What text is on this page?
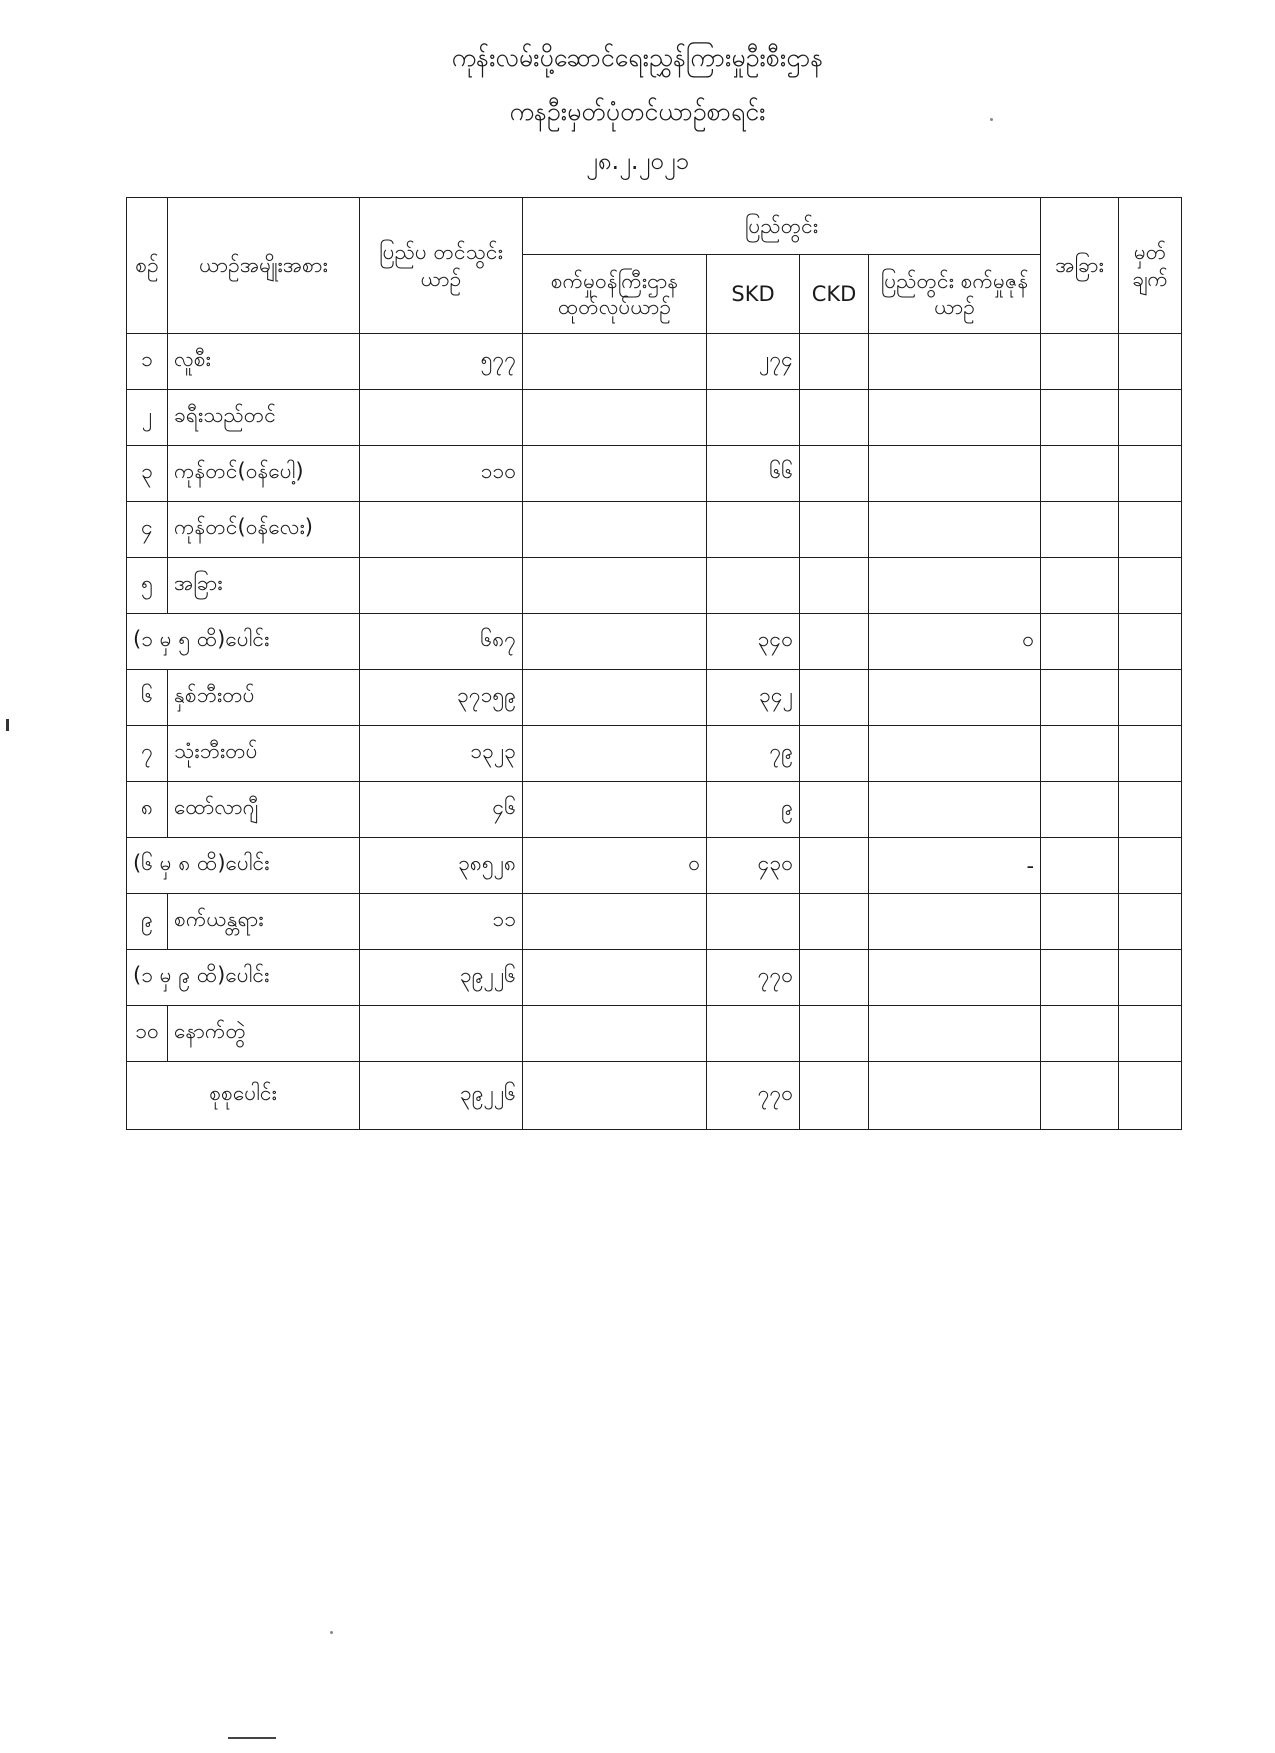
ကုန်းလမ်းပို့ဆောင်ရေးညွှန်ကြားမှုဦးစီးဌာန
ကနဦးမှတ်ပုံတင်ယာဉ်စာရင်း
၂၈.၂.၂၀၂၁
စဉ်	ယာဉ်အမျိုးအစား	ပြည်ပ တင်သွင်းယာဉ်	ပြည်တွင်း				အခြား	မှတ် ချက်
			စက်မှုဝန်ကြီးဌာန ထုတ်လုပ်ယာဉ်	SKD	CKD	ပြည်တွင်း စက်မှုဇုန်ယာဉ်		
၁	လူစီး	၅၇၇		၂၇၄				
၂	ခရီးသည်တင်							
၃	ကုန်တင်(ဝန်ပေါ့)	၁၁၀		၆၆				
၄	ကုန်တင်(ဝန်လေး)							
၅	အခြား							
(၁ မှ ၅ ထိ)ပေါင်း		၆၈၇		၃၄၀		၀		
၆	နှစ်ဘီးတပ်	၃၇၁၅၉		၃၄၂				
၇	သုံးဘီးတပ်	၁၃၂၃		၇၉				
၈	ထော်လာဂျီ	၄၆		၉				
(၆ မှ ၈ ထိ)ပေါင်း		၃၈၅၂၈	၀	၄၃၀		-		
၉	စက်ယန္တရား	၁၁						
(၁ မှ ၉ ထိ)ပေါင်း		၃၉၂၂၆		၇၇၀				
၁၀	နောက်တွဲ							
စုစုပေါင်း		၃၉၂၂၆		၇၇၀				
